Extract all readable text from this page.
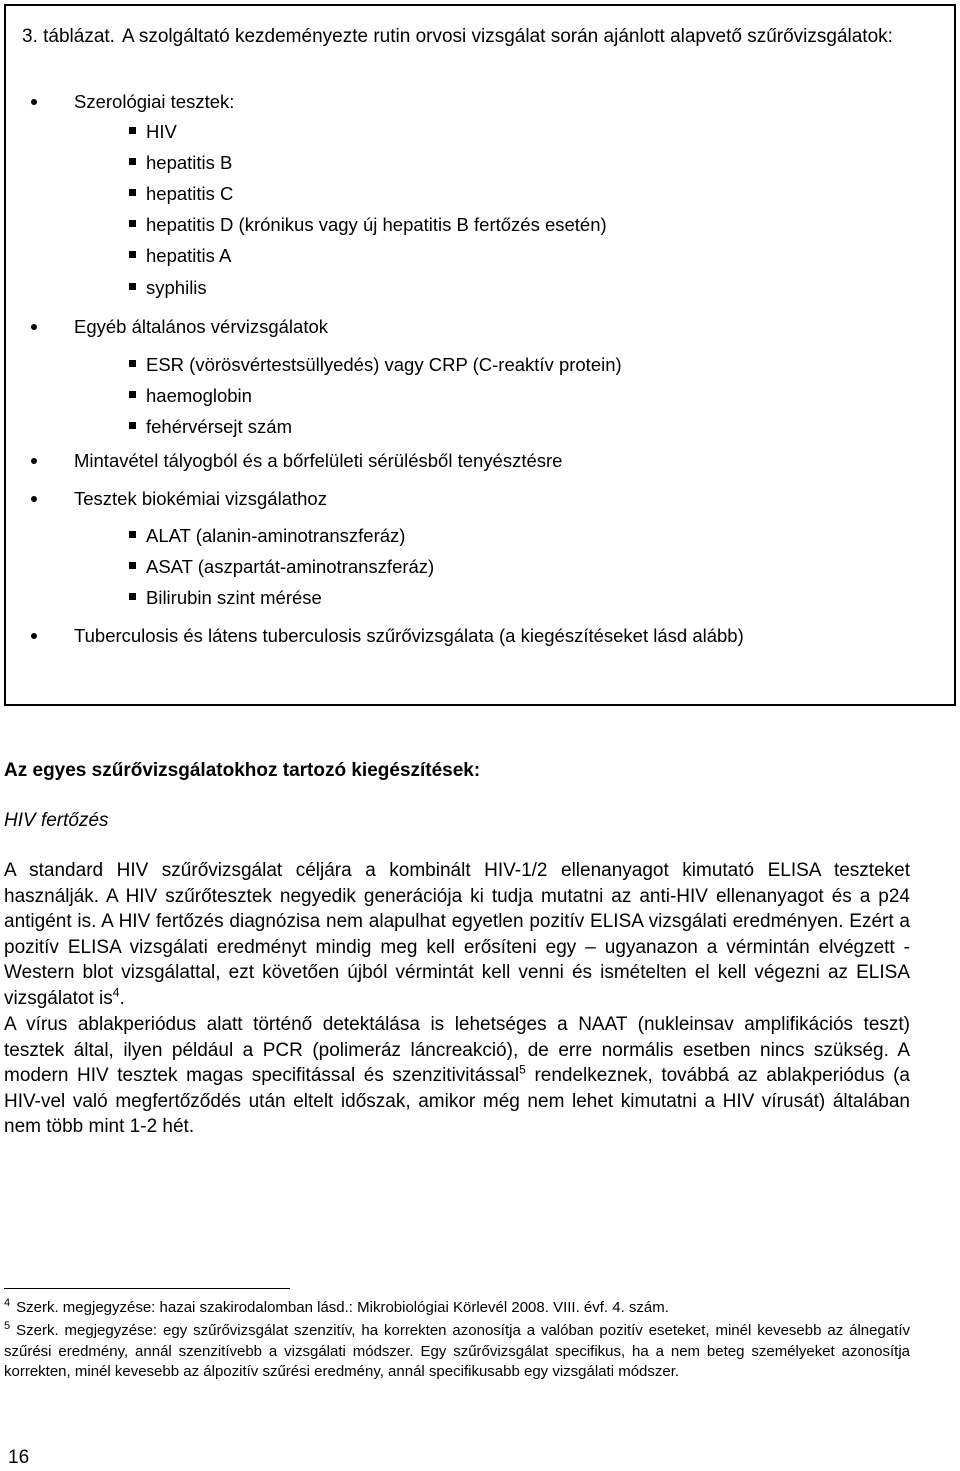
3. táblázat. A szolgáltató kezdeményezte rutin orvosi vizsgálat során ajánlott alapvető szűrővizsgálatok:
Szerológiai tesztek:
HIV
hepatitis B
hepatitis C
hepatitis D (krónikus vagy új hepatitis B fertőzés esetén)
hepatitis A
syphilis
Egyéb általános vérvizsgálatok
ESR (vörösvértestsüllyedés) vagy CRP (C-reaktív protein)
haemoglobin
fehérvérsejt szám
Mintavétel tályogból és a bőrfelületi sérülésből tenyésztésre
Tesztek biokémiai vizsgálathoz
ALAT (alanin-aminotranszferáz)
ASAT (aszpartát-aminotranszferáz)
Bilirubin szint mérése
Tuberculosis és látens tuberculosis szűrővizsgálata (a kiegészítéseket lásd alább)
Az egyes szűrővizsgálatokhoz tartozó kiegészítések:
HIV fertőzés
A standard HIV szűrővizsgálat céljára a kombinált HIV-1/2 ellenanyagot kimutató ELISA teszteket használják. A HIV szűrőtesztek negyedik generációja ki tudja mutatni az anti-HIV ellenanyagot és a p24 antigént is. A HIV fertőzés diagnózisa nem alapulhat egyetlen pozitív ELISA vizsgálati eredményen. Ezért a pozitív ELISA vizsgálati eredményt mindig meg kell erősíteni egy – ugyanazon a vérmintán elvégzett - Western blot vizsgálattal, ezt követően újból vérmintát kell venni és ismételten el kell végezni az ELISA vizsgálatot $is^4$.
A vírus ablakperiódus alatt történő detektálása is lehetséges a NAAT (nukleinsav amplifikációs teszt) tesztek által, ilyen például a PCR (polimeráz láncreakció), de erre normális esetben nincs szükség. A modern HIV tesztek magas specifitással és szenzitivitással$^5$ rendelkeznek, továbbá az ablakperiódus (a HIV-vel való megfertőződés után eltelt időszak, amikor még nem lehet kimutatni a HIV vírusát) általában nem több mint 1-2 hét.
$^4$ Szerk. megjegyzése: hazai szakirodalomban lásd.: Mikrobiológiai Körlevél 2008. VIII. évf. 4. szám.
$^5$ Szerk. megjegyzése: egy szűrővizsgálat szenzitív, ha korrekten azonosítja a valóban pozitív eseteket, minél kevesebb az álnegatív szűrési eredmény, annál szenzitívebb a vizsgálati módszer. Egy szűrővizsgálat specifikus, ha a nem beteg személyeket azonosítja korrekten, minél kevesebb az álpozitív szűrési eredmény, annál specifikusabb egy vizsgálati módszer.
16
